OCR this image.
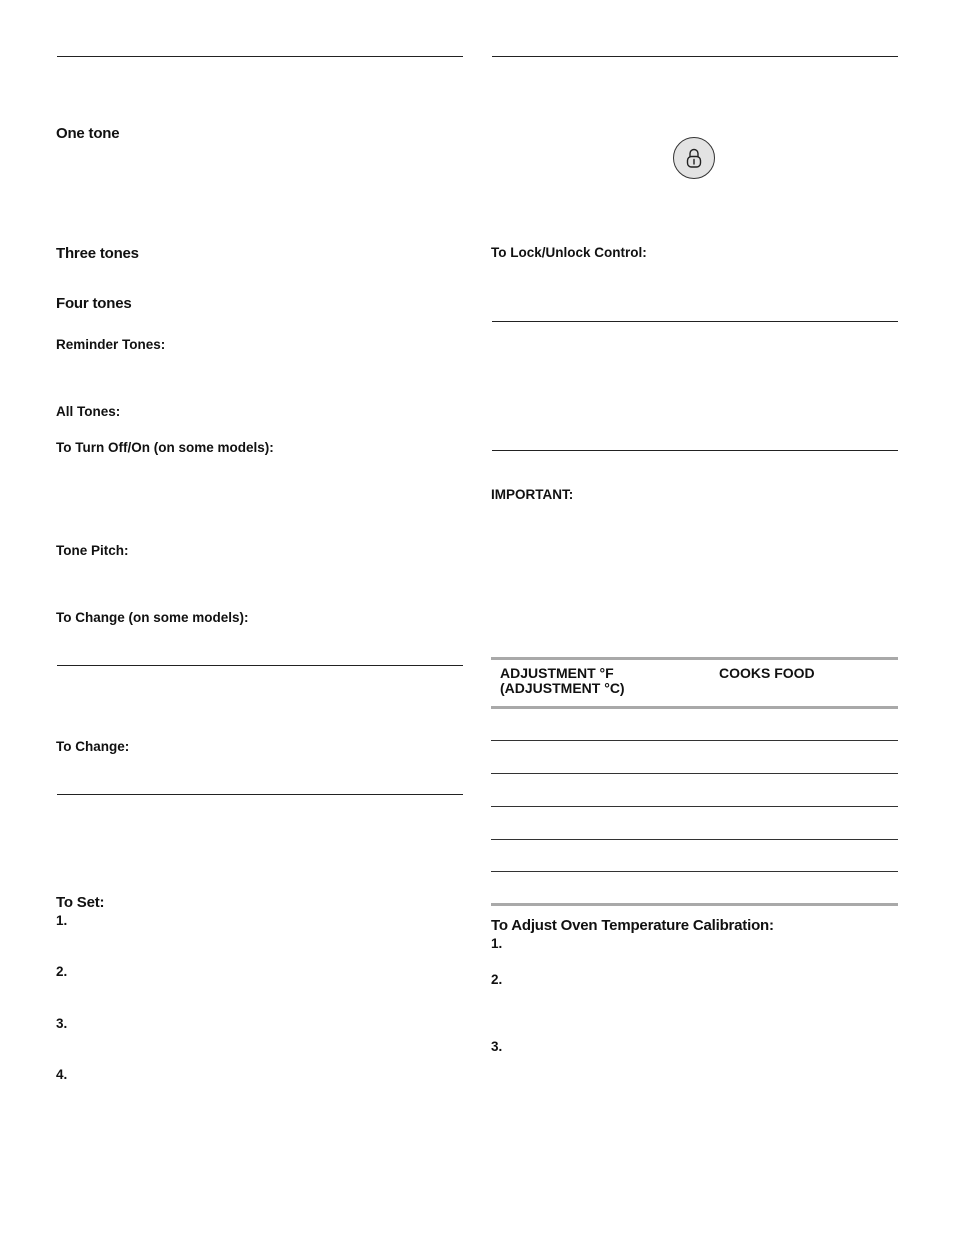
One tone
Three tones
Four tones
Reminder Tones:
All Tones:
To Turn Off/On (on some models):
Tone Pitch:
To Change (on some models):
To Change:
To Set:
1.
2.
3.
4.
To Lock/Unlock Control:
IMPORTANT:
ADJUSTMENT °F
(ADJUSTMENT °C)
COOKS FOOD
To Adjust Oven Temperature Calibration:
1.
2.
3.
